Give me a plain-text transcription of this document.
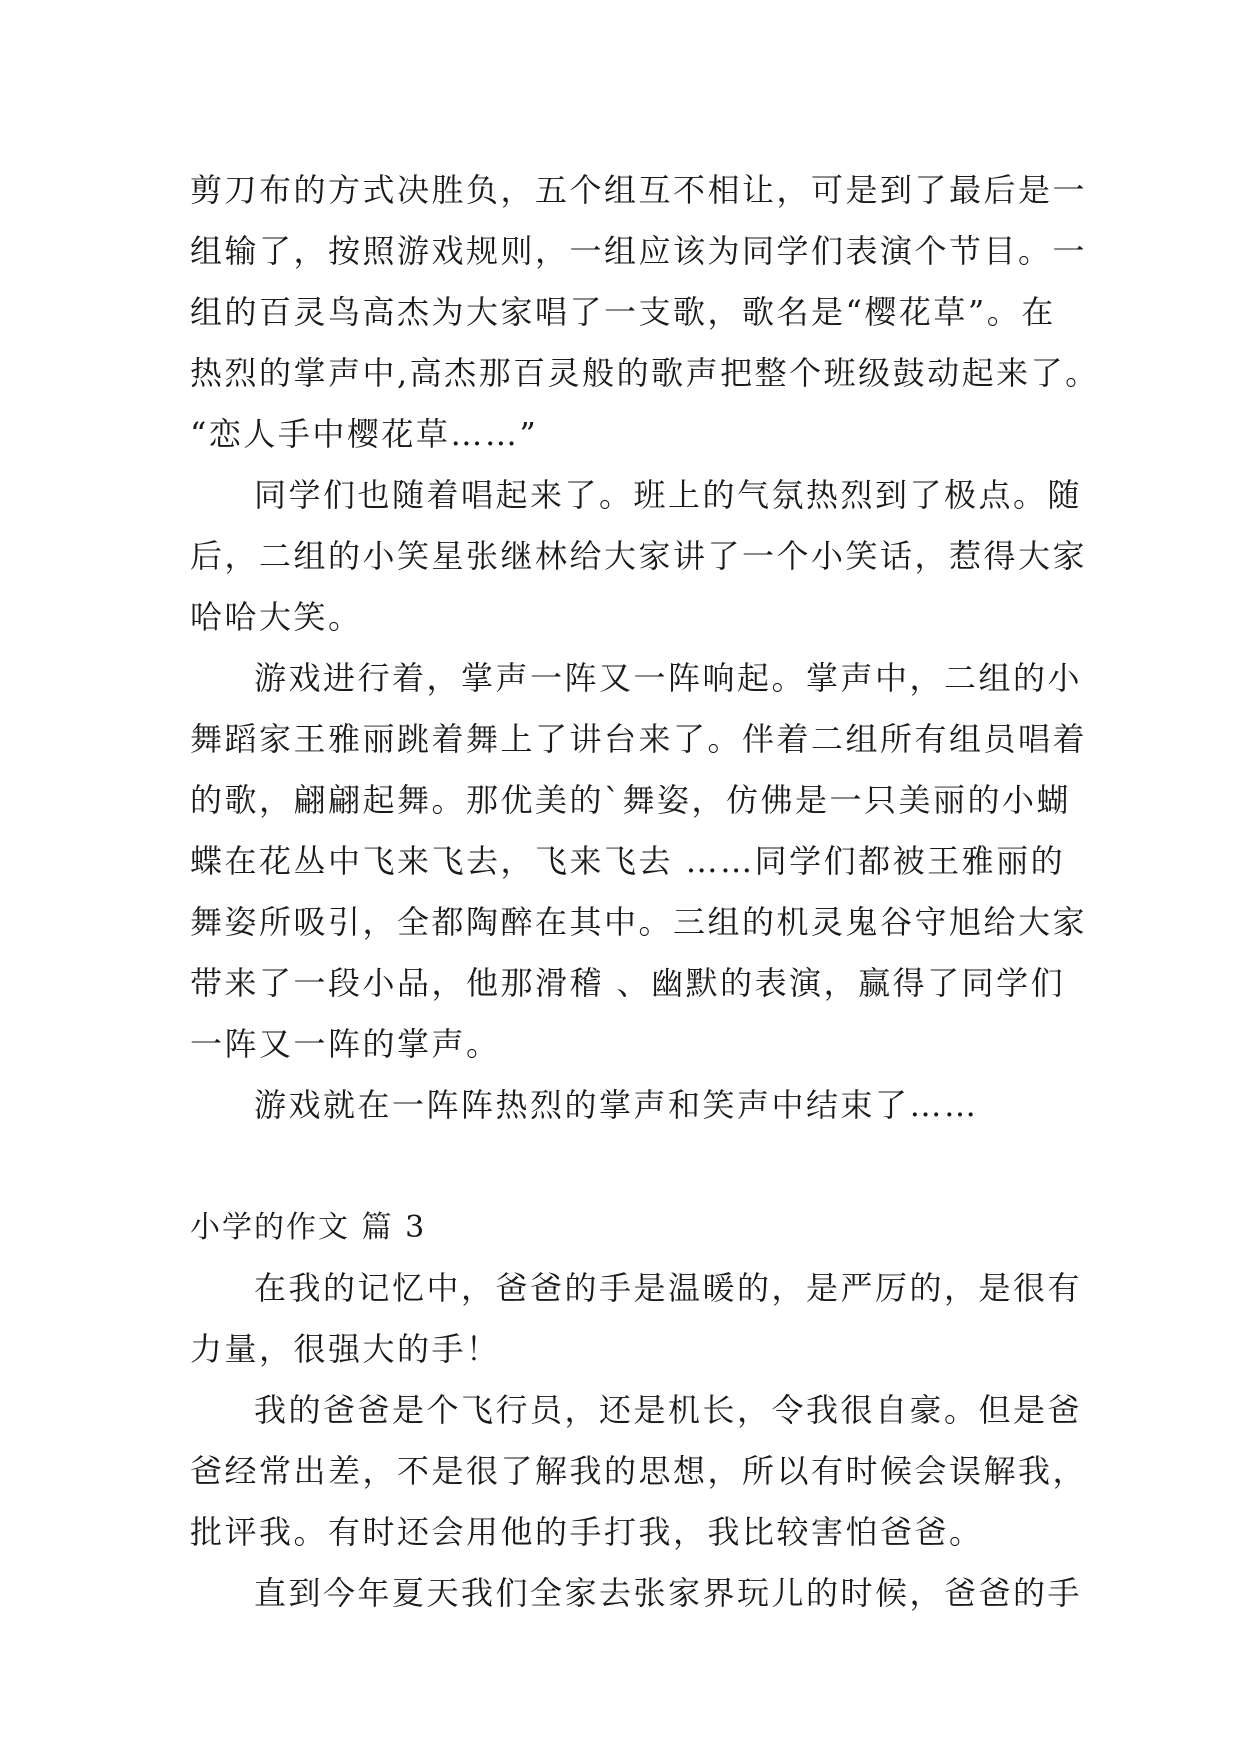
剪刀布的方式决胜负，五个组互不相让，可是到了最后是一
组输了，按照游戏规则，一组应该为同学们表演个节目。一
组的百灵鸟高杰为大家唱了一支歌，歌名是“樱花草”。在
热烈的掌声中,高杰那百灵般的歌声把整个班级鼓动起来了。
“恋人手中樱花草……”
同学们也随着唱起来了。班上的气氛热烈到了极点。随
后，二组的小笑星张继林给大家讲了一个小笑话，惹得大家
哈哈大笑。
游戏进行着，掌声一阵又一阵响起。掌声中，二组的小
舞蹈家王雅丽跳着舞上了讲台来了。伴着二组所有组员唱着
的歌，翩翩起舞。那优美的`舞姿，仿佛是一只美丽的小蝴
蝶在花丛中飞来飞去，飞来飞去 ……同学们都被王雅丽的
舞姿所吸引，全都陶醉在其中。三组的机灵鬼谷守旭给大家
带来了一段小品，他那滑稽 、幽默的表演，赢得了同学们
一阵又一阵的掌声。
游戏就在一阵阵热烈的掌声和笑声中结束了……
小学的作文 篇 3
在我的记忆中，爸爸的手是温暖的，是严厉的，是很有
力量，很强大的手！
我的爸爸是个飞行员，还是机长，令我很自豪。但是爸
爸经常出差，不是很了解我的思想，所以有时候会误解我，
批评我。有时还会用他的手打我，我比较害怕爸爸。
直到今年夏天我们全家去张家界玩儿的时候，爸爸的手
